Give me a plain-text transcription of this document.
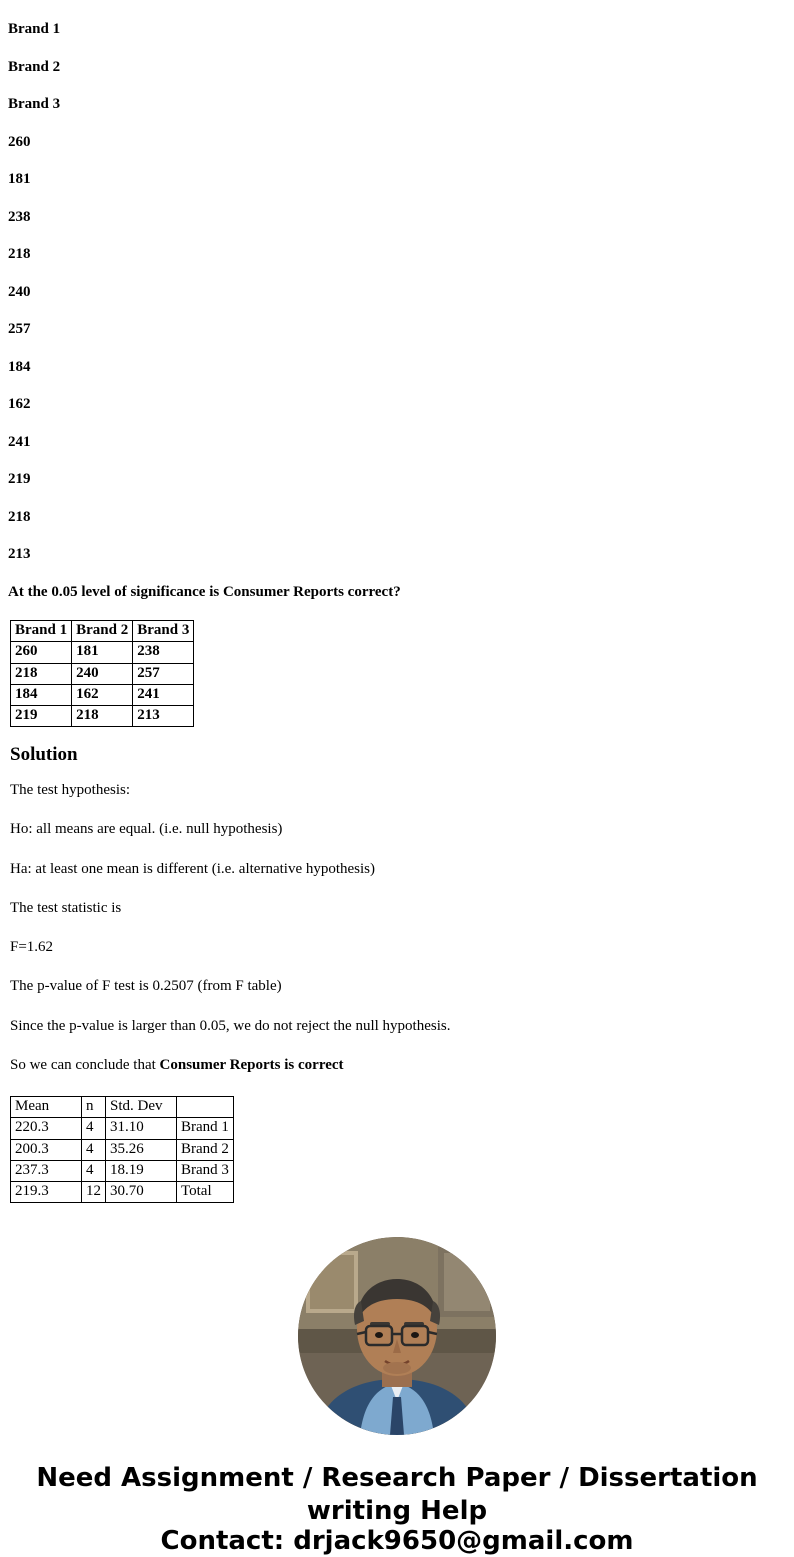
Brand 1
Brand 2
Brand 3
260
181
238
218
240
257
184
162
241
219
218
213
At the 0.05 level of significance is Consumer Reports correct?
Brand 1	Brand 2	Brand 3
260	181	238
218	240	257
184	162	241
219	218	213
Solution

The test hypothesis:

Ho: all means are equal. (i.e. null hypothesis)

Ha: at least one mean is different (i.e. alternative hypothesis)

The test statistic is

F=1.62

The p-value of F test is 0.2507 (from F table)

Since the p-value is larger than 0.05, we do not reject the null hypothesis.

So we can conclude that Consumer Reports is correct

Mean	n	Std. Dev	
220.3	4	31.10	Brand 1
200.3	4	35.26	Brand 2
237.3	4	18.19	Brand 3
219.3	12	30.70	Total
Need Assignment / Research Paper / Dissertation
writing Help
Contact: drjack9650@gmail.com
